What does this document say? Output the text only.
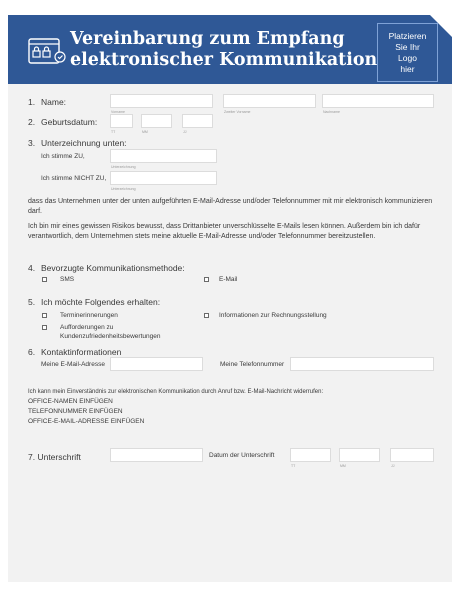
Vereinbarung zum Empfang
elektronischer Kommunikation
Platzieren
Sie Ihr
Logo
hier
1. Name:
Vorname	Zweiter Vorname	Nachname
2. Geburtsdatum:
TT	MM	JJ
3. Unterzeichnung unten:
Ich stimme ZU,
Unterzeichnung
Ich stimme NICHT ZU,
Unterzeichnung
dass das Unternehmen unter der unten aufgeführten E-Mail-Adresse und/oder Telefonnummer mit mir elektronisch kommunizieren darf.
Ich bin mir eines gewissen Risikos bewusst, dass Drittanbieter unverschlüsselte E-Mails lesen können. Außerdem bin ich dafür verantwortlich, dem Unternehmen stets meine aktuelle E-Mail-Adresse und/oder Telefonnummer bereitzustellen.
4. Bevorzugte Kommunikationsmethode:
SMS	E-Mail
5. Ich möchte Folgendes erhalten:
Terminerinnerungen	Informationen zur Rechnungsstellung
Aufforderungen zu
Kundenzufriedenheitsbewertungen
6. Kontaktinformationen
Meine E-Mail-Adresse	Meine Telefonnummer
Ich kann mein Einverständnis zur elektronischen Kommunikation durch Anruf bzw. E-Mail-Nachricht widerrufen:
OFFICE-NAMEN EINFÜGEN
TELEFONNUMMER EINFÜGEN
OFFICE-E-MAIL-ADRESSE EINFÜGEN
7. Unterschrift	Datum der Unterschrift
TT	MM	JJ
